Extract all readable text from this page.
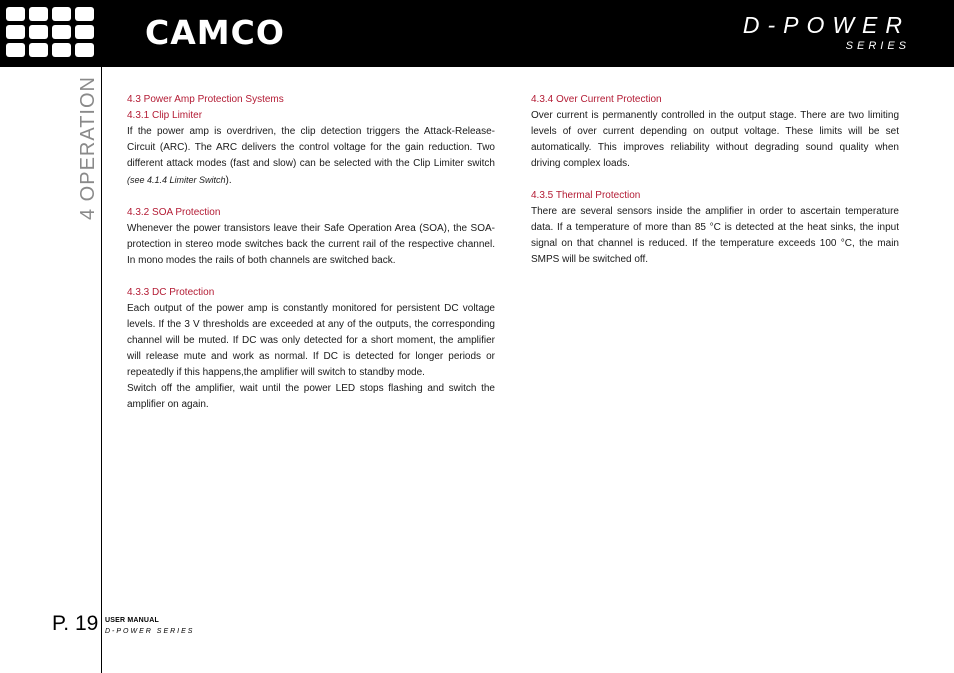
CAMCO	D-POWER
SERIES
4 OPERATION	4.3 Power Amp Protection Systems
4.3.1 Clip Limiter
If the power amp is overdriven, the clip detection triggers the Attack-Release-Circuit (ARC). The ARC delivers the control voltage for the gain reduction. Two different attack modes (fast and slow) can be selected with the Clip Limiter switch (see 4.1.4 Limiter Switch).
4.3.2 SOA Protection
Whenever the power transistors leave their Safe Operation Area (SOA), the SOA-protection in stereo mode switches back the current rail of the respective channel. In mono modes the rails of both channels are switched back.
4.3.3 DC Protection
Each output of the power amp is constantly monitored for persistent DC voltage levels. If the 3 V thresholds are exceeded at any of the outputs, the corresponding channel will be muted. If DC was only detected for a short moment, the amplifier will release mute and work as normal. If DC is detected for longer periods or repeatedly if this happens,the amplifier will switch to standby mode.
Switch off the amplifier, wait until the power LED stops flashing and switch the amplifier on again.
4.3.4 Over Current Protection
Over current is permanently controlled in the output stage. There are two limiting levels of over current depending on output voltage. These limits will be set automatically. This improves reliability without degrading sound quality when driving complex loads.
4.3.5 Thermal Protection
There are several sensors inside the amplifier in order to ascertain temperature data. If a temperature of more than 85 °C is detected at the heat sinks, the input signal on that channel is reduced. If the temperature exceeds 100 °C, the main SMPS will be switched off.
P. 19 USER MANUAL
D-POWER SERIES
